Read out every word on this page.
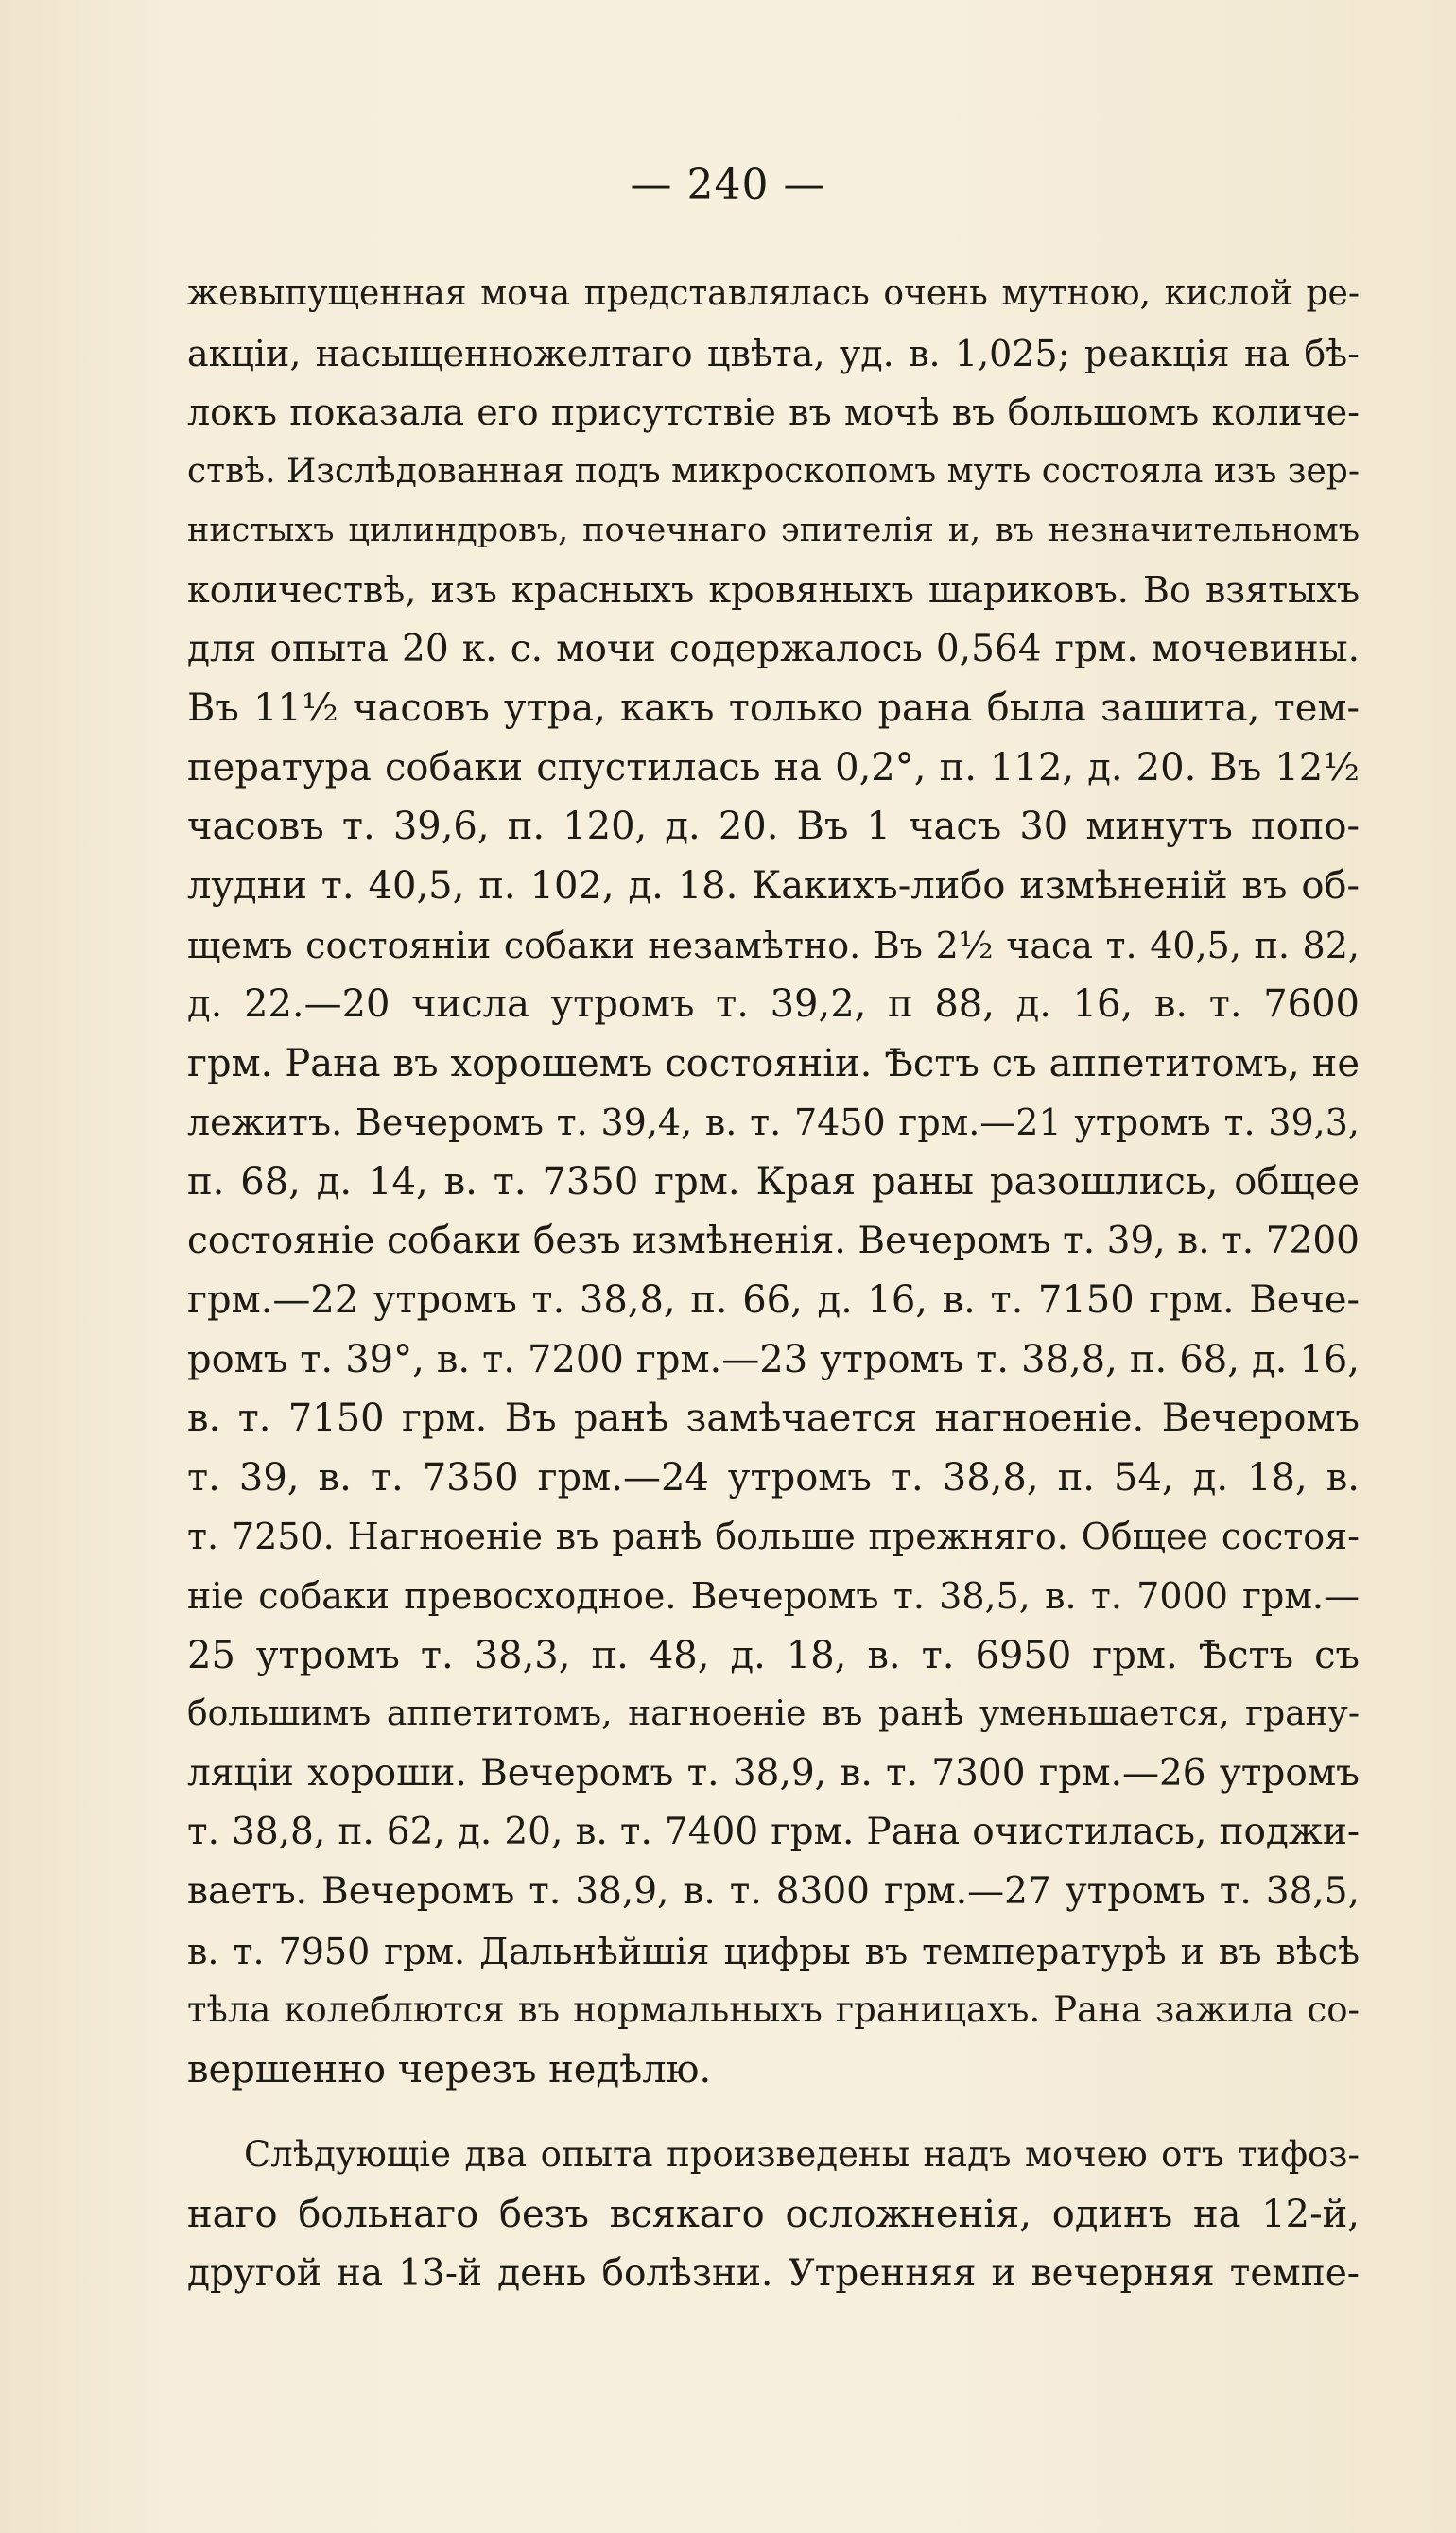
— 240 —
жевыпущенная моча представлялась очень мутною, кислой ре-
акціи, насыщенножелтаго цвѣта, уд. в. 1,025; реакція на бѣ-
локъ показала его присутствіе въ мочѣ въ большомъ количе-
ствѣ. Изслѣдованная подъ микроскопомъ муть состояла изъ зер-
нистыхъ цилиндровъ, почечнаго эпителія и, въ незначительномъ
количествѣ, изъ красныхъ кровяныхъ шариковъ. Во взятыхъ
для опыта 20 к. с. мочи содержалось 0,564 грм. мочевины.
Въ 11½ часовъ утра, какъ только рана была зашита, тем-
пература собаки спустилась на 0,2°, п. 112, д. 20. Въ 12½
часовъ т. 39,6, п. 120, д. 20. Въ 1 часъ 30 минутъ попо-
лудни т. 40,5, п. 102, д. 18. Какихъ-либо измѣненій въ об-
щемъ состояніи собаки незамѣтно. Въ 2½ часа т. 40,5, п. 82,
д. 22.—20 числа утромъ т. 39,2, п 88, д. 16, в. т. 7600
грм. Рана въ хорошемъ состояніи. Ѣстъ съ аппетитомъ, не
лежитъ. Вечеромъ т. 39,4, в. т. 7450 грм.—21 утромъ т. 39,3,
п. 68, д. 14, в. т. 7350 грм. Края раны разошлись, общее
состояніе собаки безъ измѣненія. Вечеромъ т. 39, в. т. 7200
грм.—22 утромъ т. 38,8, п. 66, д. 16, в. т. 7150 грм. Вече-
ромъ т. 39°, в. т. 7200 грм.—23 утромъ т. 38,8, п. 68, д. 16,
в. т. 7150 грм. Въ ранѣ замѣчается нагноеніе. Вечеромъ
т. 39, в. т. 7350 грм.—24 утромъ т. 38,8, п. 54, д. 18, в.
т. 7250. Нагноеніе въ ранѣ больше прежняго. Общее состоя-
ніе собаки превосходное. Вечеромъ т. 38,5, в. т. 7000 грм.—
25 утромъ т. 38,3, п. 48, д. 18, в. т. 6950 грм. Ѣстъ съ
большимъ аппетитомъ, нагноеніе въ ранѣ уменьшается, грану-
ляціи хороши. Вечеромъ т. 38,9, в. т. 7300 грм.—26 утромъ
т. 38,8, п. 62, д. 20, в. т. 7400 грм. Рана очистилась, поджи-
ваетъ. Вечеромъ т. 38,9, в. т. 8300 грм.—27 утромъ т. 38,5,
в. т. 7950 грм. Дальнѣйшія цифры въ температурѣ и въ вѣсѣ
тѣла колеблются въ нормальныхъ границахъ. Рана зажила со-
вершенно черезъ недѣлю.
Слѣдующіе два опыта произведены надъ мочею отъ тифоз-
наго больнаго безъ всякаго осложненія, одинъ на 12-й,
другой на 13-й день болѣзни. Утренняя и вечерняя темпе-
